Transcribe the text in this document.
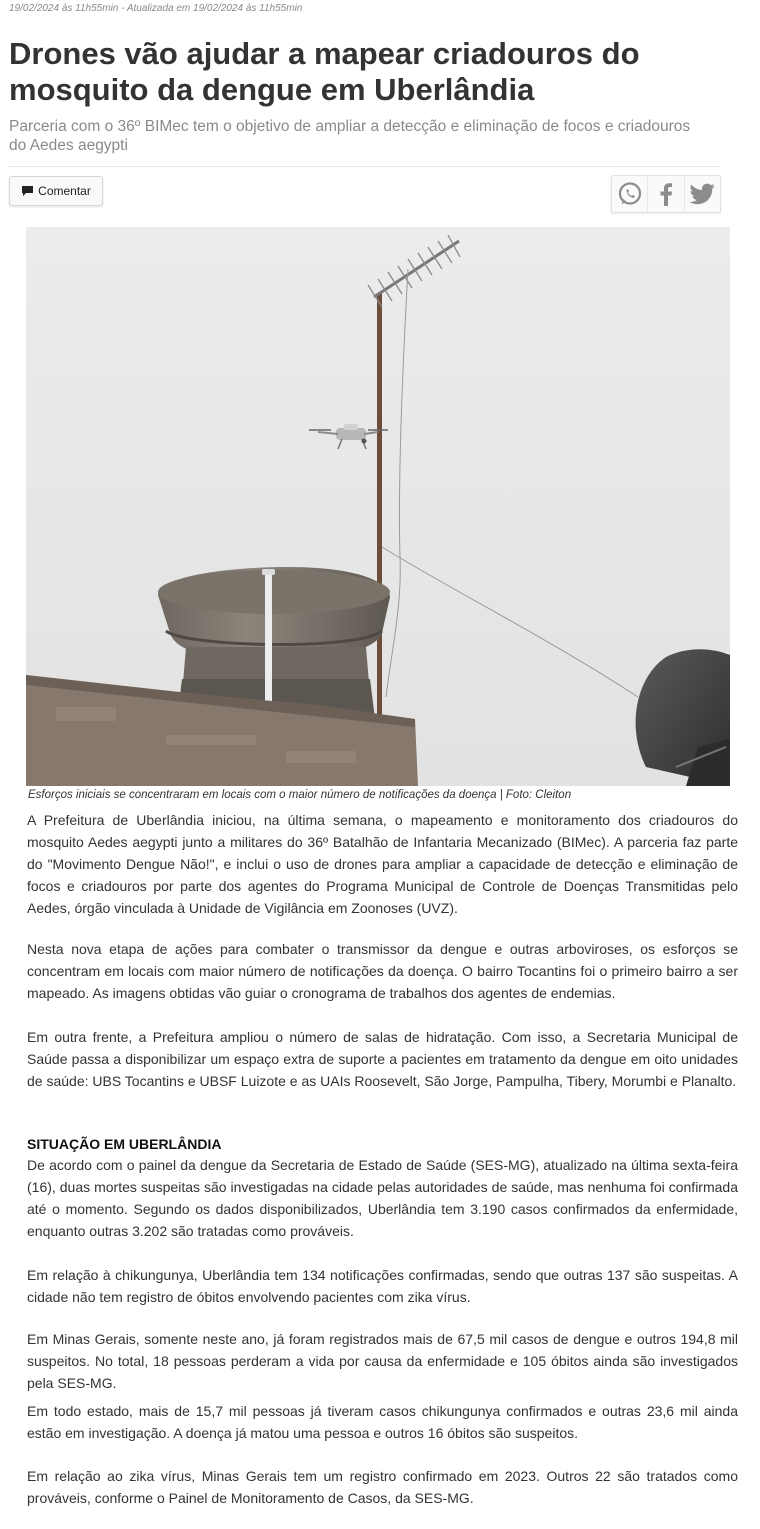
19/02/2024 às 11h55min - Atualizada em 19/02/2024 às 11h55min
Drones vão ajudar a mapear criadouros do mosquito da dengue em Uberlândia

Parceria com o 36º BIMec tem o objetivo de ampliar a detecção e eliminação de focos e criadouros do Aedes aegypti

Comentar
Esforços iniciais se concentraram em locais com o maior número de notificações da doença | Foto: Cleiton

A Prefeitura de Uberlândia iniciou, na última semana, o mapeamento e monitoramento dos criadouros do mosquito Aedes aegypti junto a militares do 36º Batalhão de Infantaria Mecanizado (BIMec). A parceria faz parte do "Movimento Dengue Não!", e inclui o uso de drones para ampliar a capacidade de detecção e eliminação de focos e criadouros por parte dos agentes do Programa Municipal de Controle de Doenças Transmitidas pelo Aedes, órgão vinculada à Unidade de Vigilância em Zoonoses (UVZ).

Nesta nova etapa de ações para combater o transmissor da dengue e outras arboviroses, os esforços se concentram em locais com maior número de notificações da doença. O bairro Tocantins foi o primeiro bairro a ser mapeado. As imagens obtidas vão guiar o cronograma de trabalhos dos agentes de endemias.

Em outra frente, a Prefeitura ampliou o número de salas de hidratação. Com isso, a Secretaria Municipal de Saúde passa a disponibilizar um espaço extra de suporte a pacientes em tratamento da dengue em oito unidades de saúde: UBS Tocantins e UBSF Luizote e as UAIs Roosevelt, São Jorge, Pampulha, Tibery, Morumbi e Planalto.

SITUAÇÃO EM UBERLÂNDIA

De acordo com o painel da dengue da Secretaria de Estado de Saúde (SES-MG), atualizado na última sexta-feira (16), duas mortes suspeitas são investigadas na cidade pelas autoridades de saúde, mas nenhuma foi confirmada até o momento. Segundo os dados disponibilizados, Uberlândia tem 3.190 casos confirmados da enfermidade, enquanto outras 3.202 são tratadas como prováveis.

Em relação à chikungunya, Uberlândia tem 134 notificações confirmadas, sendo que outras 137 são suspeitas. A cidade não tem registro de óbitos envolvendo pacientes com zika vírus.

Em Minas Gerais, somente neste ano, já foram registrados mais de 67,5 mil casos de dengue e outros 194,8 mil suspeitos. No total, 18 pessoas perderam a vida por causa da enfermidade e 105 óbitos ainda são investigados pela SES-MG.

Em todo estado, mais de 15,7 mil pessoas já tiveram casos chikungunya confirmados e outras 23,6 mil ainda estão em investigação. A doença já matou uma pessoa e outros 16 óbitos são suspeitos.

Em relação ao zika vírus, Minas Gerais tem um registro confirmado em 2023. Outros 22 são tratados como prováveis, conforme o Painel de Monitoramento de Casos, da SES-MG.
